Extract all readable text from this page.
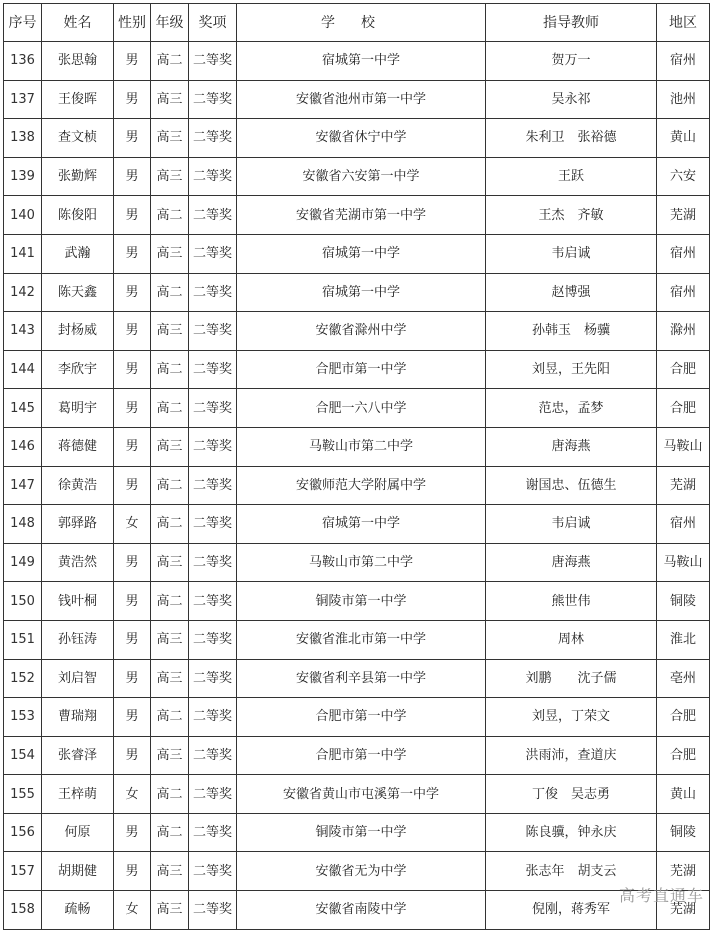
序号	姓名	性别	年级	奖项	学校	指导教师	地区
136	张思翰	男	高二	二等奖	宿城第一中学	贺万一	宿州
137	王俊晖	男	高三	二等奖	安徽省池州市第一中学	吴永祁	池州
138	查文桢	男	高三	二等奖	安徽省休宁中学	朱利卫　张裕德	黄山
139	张勤辉	男	高三	二等奖	安徽省六安第一中学	王跃	六安
140	陈俊阳	男	高二	二等奖	安徽省芜湖市第一中学	王杰　齐敏	芜湖
141	武瀚	男	高三	二等奖	宿城第一中学	韦启诚	宿州
142	陈天鑫	男	高二	二等奖	宿城第一中学	赵博强	宿州
143	封杨威	男	高三	二等奖	安徽省滁州中学	孙韩玉　杨骥	滁州
144	李欣宇	男	高二	二等奖	合肥市第一中学	刘昱，王先阳	合肥
145	葛明宇	男	高二	二等奖	合肥一六八中学	范忠，孟梦	合肥
146	蒋德健	男	高三	二等奖	马鞍山市第二中学	唐海燕	马鞍山
147	徐黄浩	男	高二	二等奖	安徽师范大学附属中学	谢国忠、伍德生	芜湖
148	郭驿路	女	高二	二等奖	宿城第一中学	韦启诚	宿州
149	黄浩然	男	高三	二等奖	马鞍山市第二中学	唐海燕	马鞍山
150	钱叶桐	男	高二	二等奖	铜陵市第一中学	熊世伟	铜陵
151	孙钰涛	男	高三	二等奖	安徽省淮北市第一中学	周林	淮北
152	刘启智	男	高三	二等奖	安徽省利辛县第一中学	刘鹏　　沈子儒	亳州
153	曹瑞翔	男	高二	二等奖	合肥市第一中学	刘昱，丁荣文	合肥
154	张睿泽	男	高三	二等奖	合肥市第一中学	洪雨沛，查道庆	合肥
155	王梓萌	女	高二	二等奖	安徽省黄山市屯溪第一中学	丁俊　吴志勇	黄山
156	何原	男	高二	二等奖	铜陵市第一中学	陈良骥，钟永庆	铜陵
157	胡期健	男	高三	二等奖	安徽省无为中学	张志年　胡支云	芜湖
158	疏畅	女	高三	二等奖	安徽省南陵中学	倪刚，蒋秀军	芜湖
高考直通车
